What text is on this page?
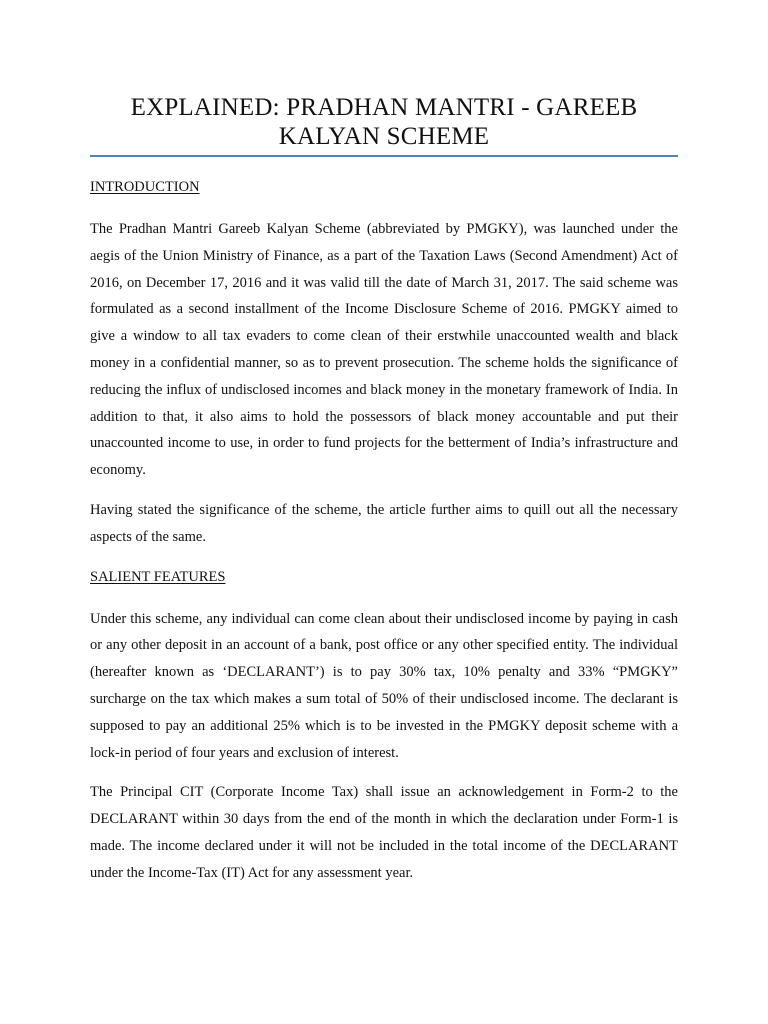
EXPLAINED: PRADHAN MANTRI - GAREEB KALYAN SCHEME
INTRODUCTION

The Pradhan Mantri Gareeb Kalyan Scheme (abbreviated by PMGKY), was launched under the aegis of the Union Ministry of Finance, as a part of the Taxation Laws (Second Amendment) Act of 2016, on December 17, 2016 and it was valid till the date of March 31, 2017. The said scheme was formulated as a second installment of the Income Disclosure Scheme of 2016. PMGKY aimed to give a window to all tax evaders to come clean of their erstwhile unaccounted wealth and black money in a confidential manner, so as to prevent prosecution. The scheme holds the significance of reducing the influx of undisclosed incomes and black money in the monetary framework of India. In addition to that, it also aims to hold the possessors of black money accountable and put their unaccounted income to use, in order to fund projects for the betterment of India’s infrastructure and economy.

Having stated the significance of the scheme, the article further aims to quill out all the necessary aspects of the same.

SALIENT FEATURES

Under this scheme, any individual can come clean about their undisclosed income by paying in cash or any other deposit in an account of a bank, post office or any other specified entity. The individual (hereafter known as ‘DECLARANT’) is to pay 30% tax, 10% penalty and 33% “PMGKY” surcharge on the tax which makes a sum total of 50% of their undisclosed income. The declarant is supposed to pay an additional 25% which is to be invested in the PMGKY deposit scheme with a lock-in period of four years and exclusion of interest.

The Principal CIT (Corporate Income Tax) shall issue an acknowledgement in Form-2 to the DECLARANT within 30 days from the end of the month in which the declaration under Form-1 is made. The income declared under it will not be included in the total income of the DECLARANT under the Income-Tax (IT) Act for any assessment year.
